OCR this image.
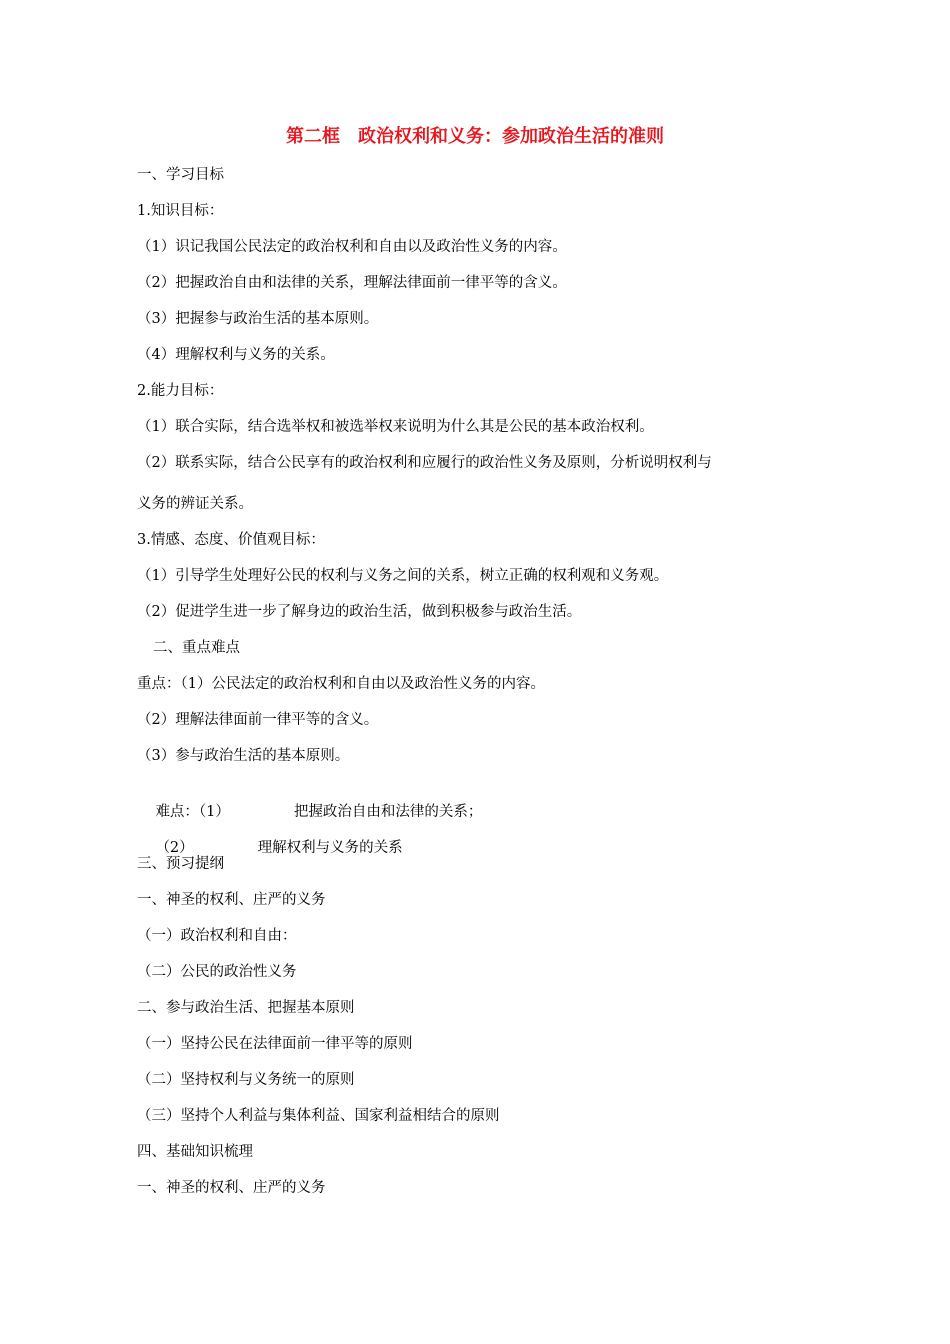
第二框　政治权利和义务：参加政治生活的准则
一、学习目标
1.知识目标：
（1）识记我国公民法定的政治权利和自由以及政治性义务的内容。
（2）把握政治自由和法律的关系，理解法律面前一律平等的含义。
（3）把握参与政治生活的基本原则。
（4）理解权利与义务的关系。
2.能力目标：
（1）联合实际，结合选举权和被选举权来说明为什么其是公民的基本政治权利。
（2）联系实际，结合公民享有的政治权利和应履行的政治性义务及原则，分析说明权利与
义务的辨证关系。
3.情感、态度、价值观目标：
（1）引导学生处理好公民的权利与义务之间的关系，树立正确的权利观和义务观。
（2）促进学生进一步了解身边的政治生活，做到积极参与政治生活。
二、重点难点
重点：（1）公民法定的政治权利和自由以及政治性义务的内容。
（2）理解法律面前一律平等的含义。
（3）参与政治生活的基本原则。

难点：（1）	把握政治自由和法律的关系；

（2）	理解权利与义务的关系

三、预习提纲
一、神圣的权利、庄严的义务
（一）政治权利和自由：
（二）公民的政治性义务
二、参与政治生活、把握基本原则
（一）坚持公民在法律面前一律平等的原则
（二）坚持权利与义务统一的原则
（三）坚持个人利益与集体利益、国家利益相结合的原则
四、基础知识梳理
一、神圣的权利、庄严的义务
